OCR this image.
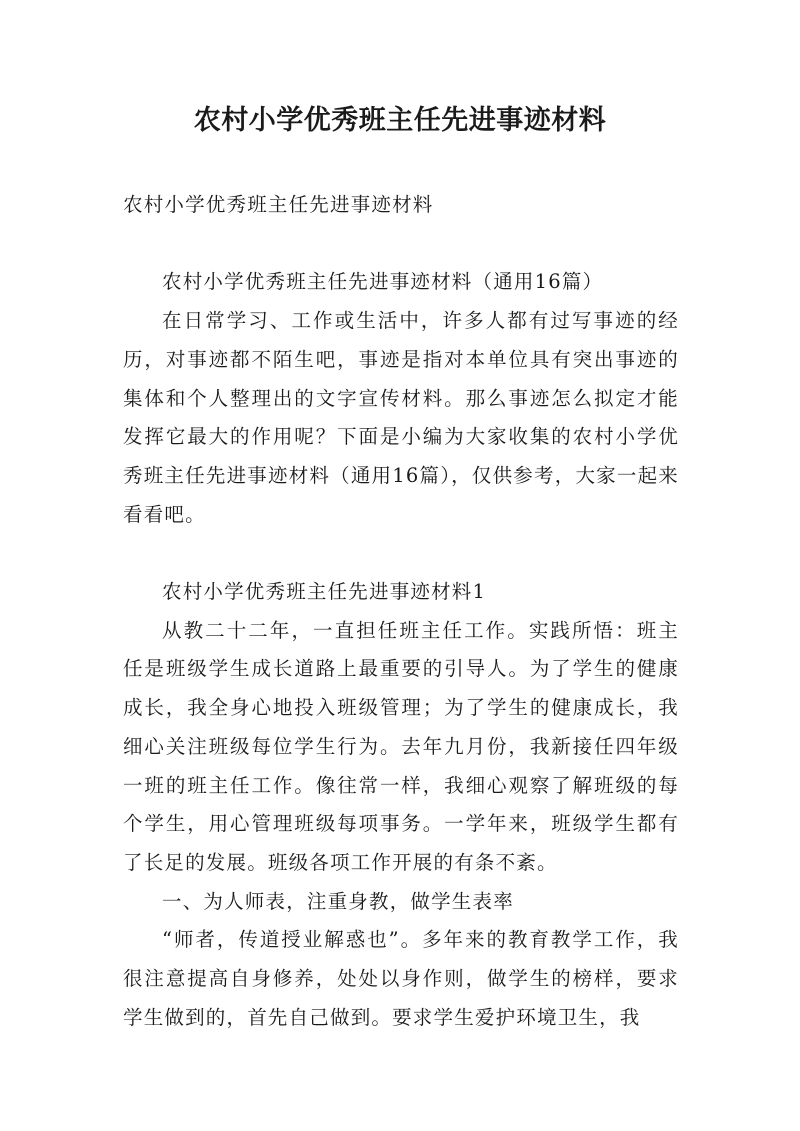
农村小学优秀班主任先进事迹材料

农村小学优秀班主任先进事迹材料

农村小学优秀班主任先进事迹材料（通用16篇）

在日常学习、工作或生活中，许多人都有过写事迹的经历，对事迹都不陌生吧，事迹是指对本单位具有突出事迹的集体和个人整理出的文字宣传材料。那么事迹怎么拟定才能发挥它最大的作用呢？下面是小编为大家收集的农村小学优秀班主任先进事迹材料（通用16篇），仅供参考，大家一起来看看吧。

农村小学优秀班主任先进事迹材料1

从教二十二年，一直担任班主任工作。实践所悟：班主任是班级学生成长道路上最重要的引导人。为了学生的健康成长，我全身心地投入班级管理；为了学生的健康成长，我细心关注班级每位学生行为。去年九月份，我新接任四年级一班的班主任工作。像往常一样，我细心观察了解班级的每个学生，用心管理班级每项事务。一学年来，班级学生都有了长足的发展。班级各项工作开展的有条不紊。

一、为人师表，注重身教，做学生表率

“师者，传道授业解惑也”。多年来的教育教学工作，我很注意提高自身修养，处处以身作则，做学生的榜样，要求学生做到的，首先自己做到。要求学生爱护环境卫生，我
